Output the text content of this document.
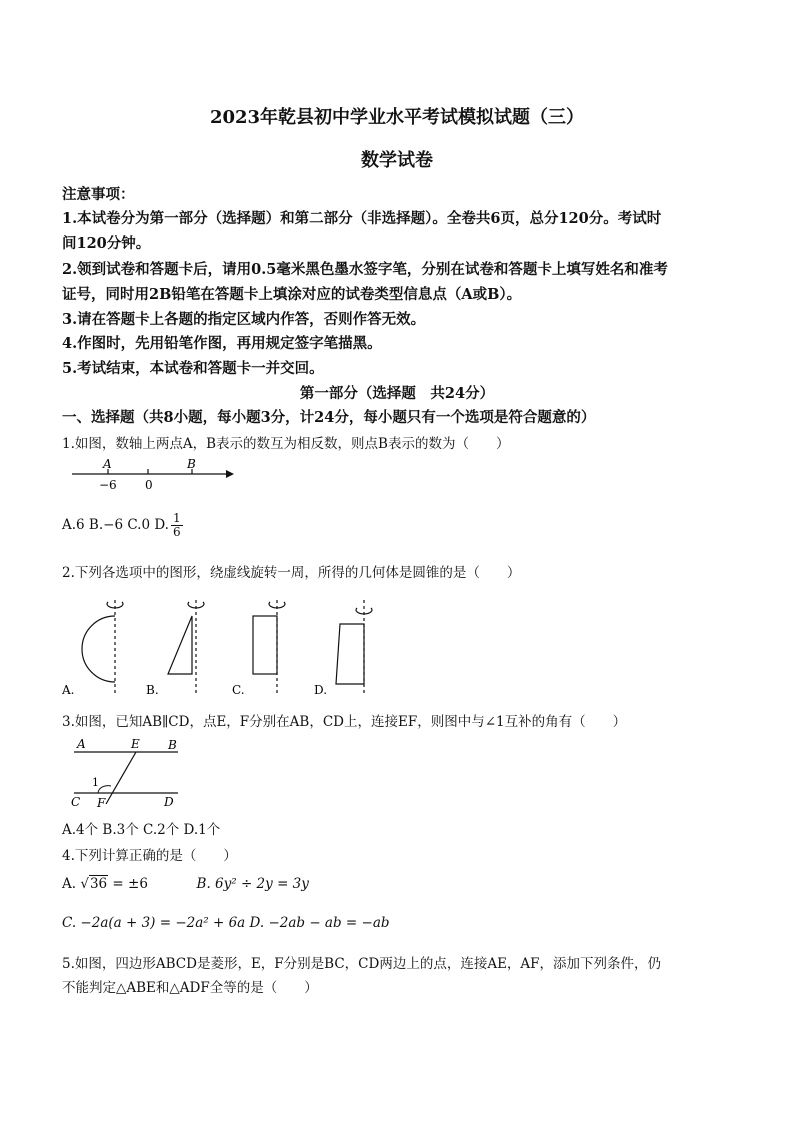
2023年乾县初中学业水平考试模拟试题（三）
数学试卷
注意事项：
1.本试卷分为第一部分（选择题）和第二部分（非选择题）。全卷共6页，总分120分。考试时
间120分钟。
2.领到试卷和答题卡后，请用0.5毫米黑色墨水签字笔，分别在试卷和答题卡上填写姓名和准考
证号，同时用2B铅笔在答题卡上填涂对应的试卷类型信息点（A或B）。
3.请在答题卡上各题的指定区域内作答，否则作答无效。
4.作图时，先用铅笔作图，再用规定签字笔描黑。
5.考试结束，本试卷和答题卡一并交回。
第一部分（选择题　共24分）
一、选择题（共8小题，每小题3分，计24分，每小题只有一个选项是符合题意的）
1.如图，数轴上两点A，B表示的数互为相反数，则点B表示的数为（　　）
A	B
−6 0
A.6 B.−6 C.0 D. $\frac{1}{6}$
2.下列各选项中的图形，绕虚线旋转一周，所得的几何体是圆锥的是（　　）
A.	B.	C.	D.
3.如图，已知AB∥CD，点E，F分别在AB，CD上，连接EF，则图中与∠1互补的角有（　　）
A	E B
1
C F	D
A.4个 B.3个 C.2个 D.1个
4.下列计算正确的是（　　）
A. √36 = ±6	B. 6y² ÷ 2y = 3y
C. −2a(a + 3) = −2a² + 6a D. −2ab − ab = −ab
5.如图，四边形ABCD是菱形，E，F分别是BC，CD两边上的点，连接AE，AF，添加下列条件，仍
不能判定△ABE和△ADF全等的是（　　）
